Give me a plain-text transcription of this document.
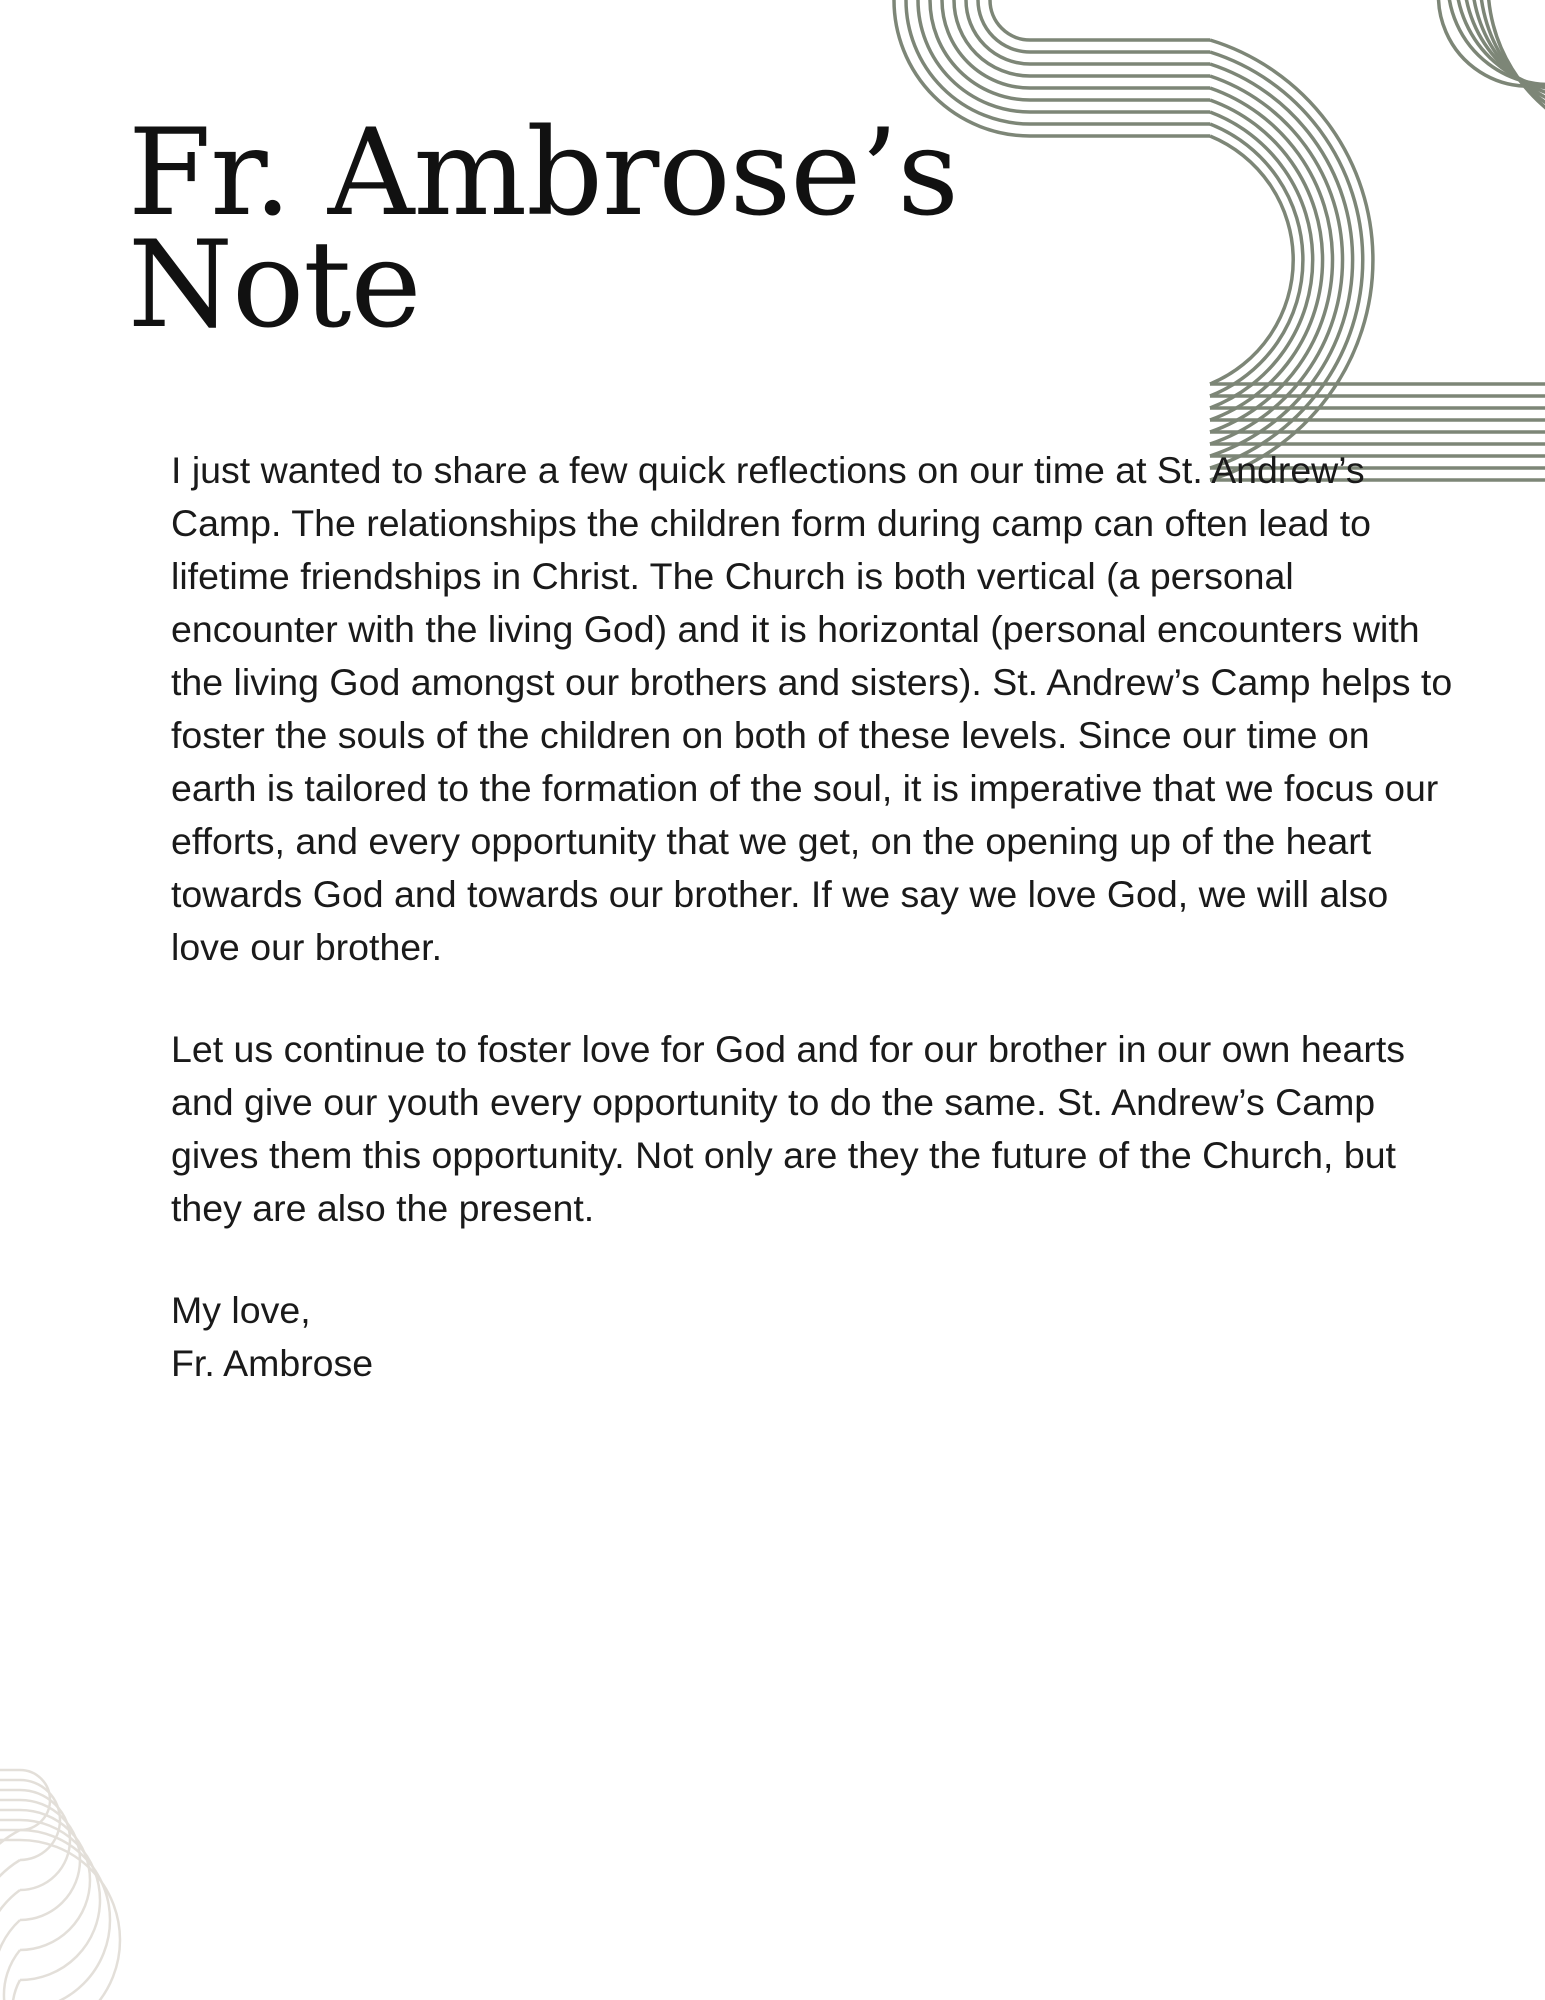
Fr. Ambrose’s
Note

I just wanted to share a few quick reflections on our time at St. Andrew’s Camp. The relationships the children form during camp can often lead to lifetime friendships in Christ. The Church is both vertical (a personal encounter with the living God) and it is horizontal (personal encounters with the living God amongst our brothers and sisters). St. Andrew’s Camp helps to foster the souls of the children on both of these levels. Since our time on earth is tailored to the formation of the soul, it is imperative that we focus our efforts, and every opportunity that we get, on the opening up of the heart towards God and towards our brother. If we say we love God, we will also love our brother.

Let us continue to foster love for God and for our brother in our own hearts and give our youth every opportunity to do the same. St. Andrew’s Camp gives them this opportunity. Not only are they the future of the Church, but they are also the present.

My love,
Fr. Ambrose
